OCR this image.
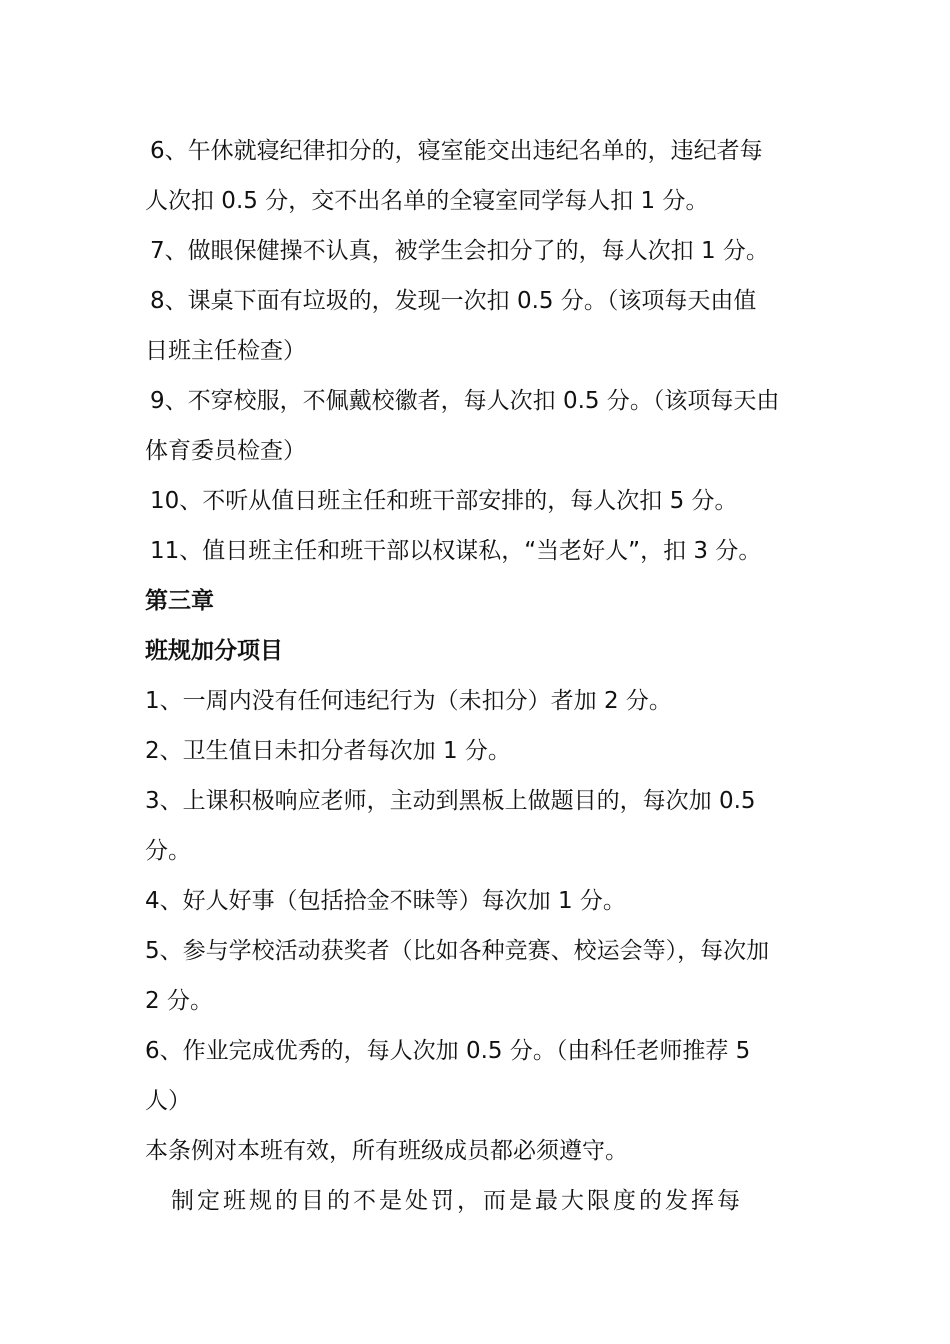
6、午休就寝纪律扣分的，寝室能交出违纪名单的，违纪者每
人次扣 0.5 分，交不出名单的全寝室同学每人扣 1 分。
7、做眼保健操不认真，被学生会扣分了的，每人次扣 1 分。
8、课桌下面有垃圾的，发现一次扣 0.5 分。（该项每天由值
日班主任检查）
9、不穿校服，不佩戴校徽者，每人次扣 0.5 分。（该项每天由
体育委员检查）
10、不听从值日班主任和班干部安排的，每人次扣 5 分。
11、值日班主任和班干部以权谋私，“当老好人”，扣 3 分。
第三章
班规加分项目
1、一周内没有任何违纪行为（未扣分）者加 2 分。
2、卫生值日未扣分者每次加 1 分。
3、上课积极响应老师，主动到黑板上做题目的，每次加 0.5
分。
4、好人好事（包括拾金不昧等）每次加 1 分。
5、参与学校活动获奖者（比如各种竞赛、校运会等），每次加
2 分。
6、作业完成优秀的，每人次加 0.5 分。（由科任老师推荐 5
人）
本条例对本班有效，所有班级成员都必须遵守。
　制定班规的目的不是处罚，而是最大限度的发挥每
